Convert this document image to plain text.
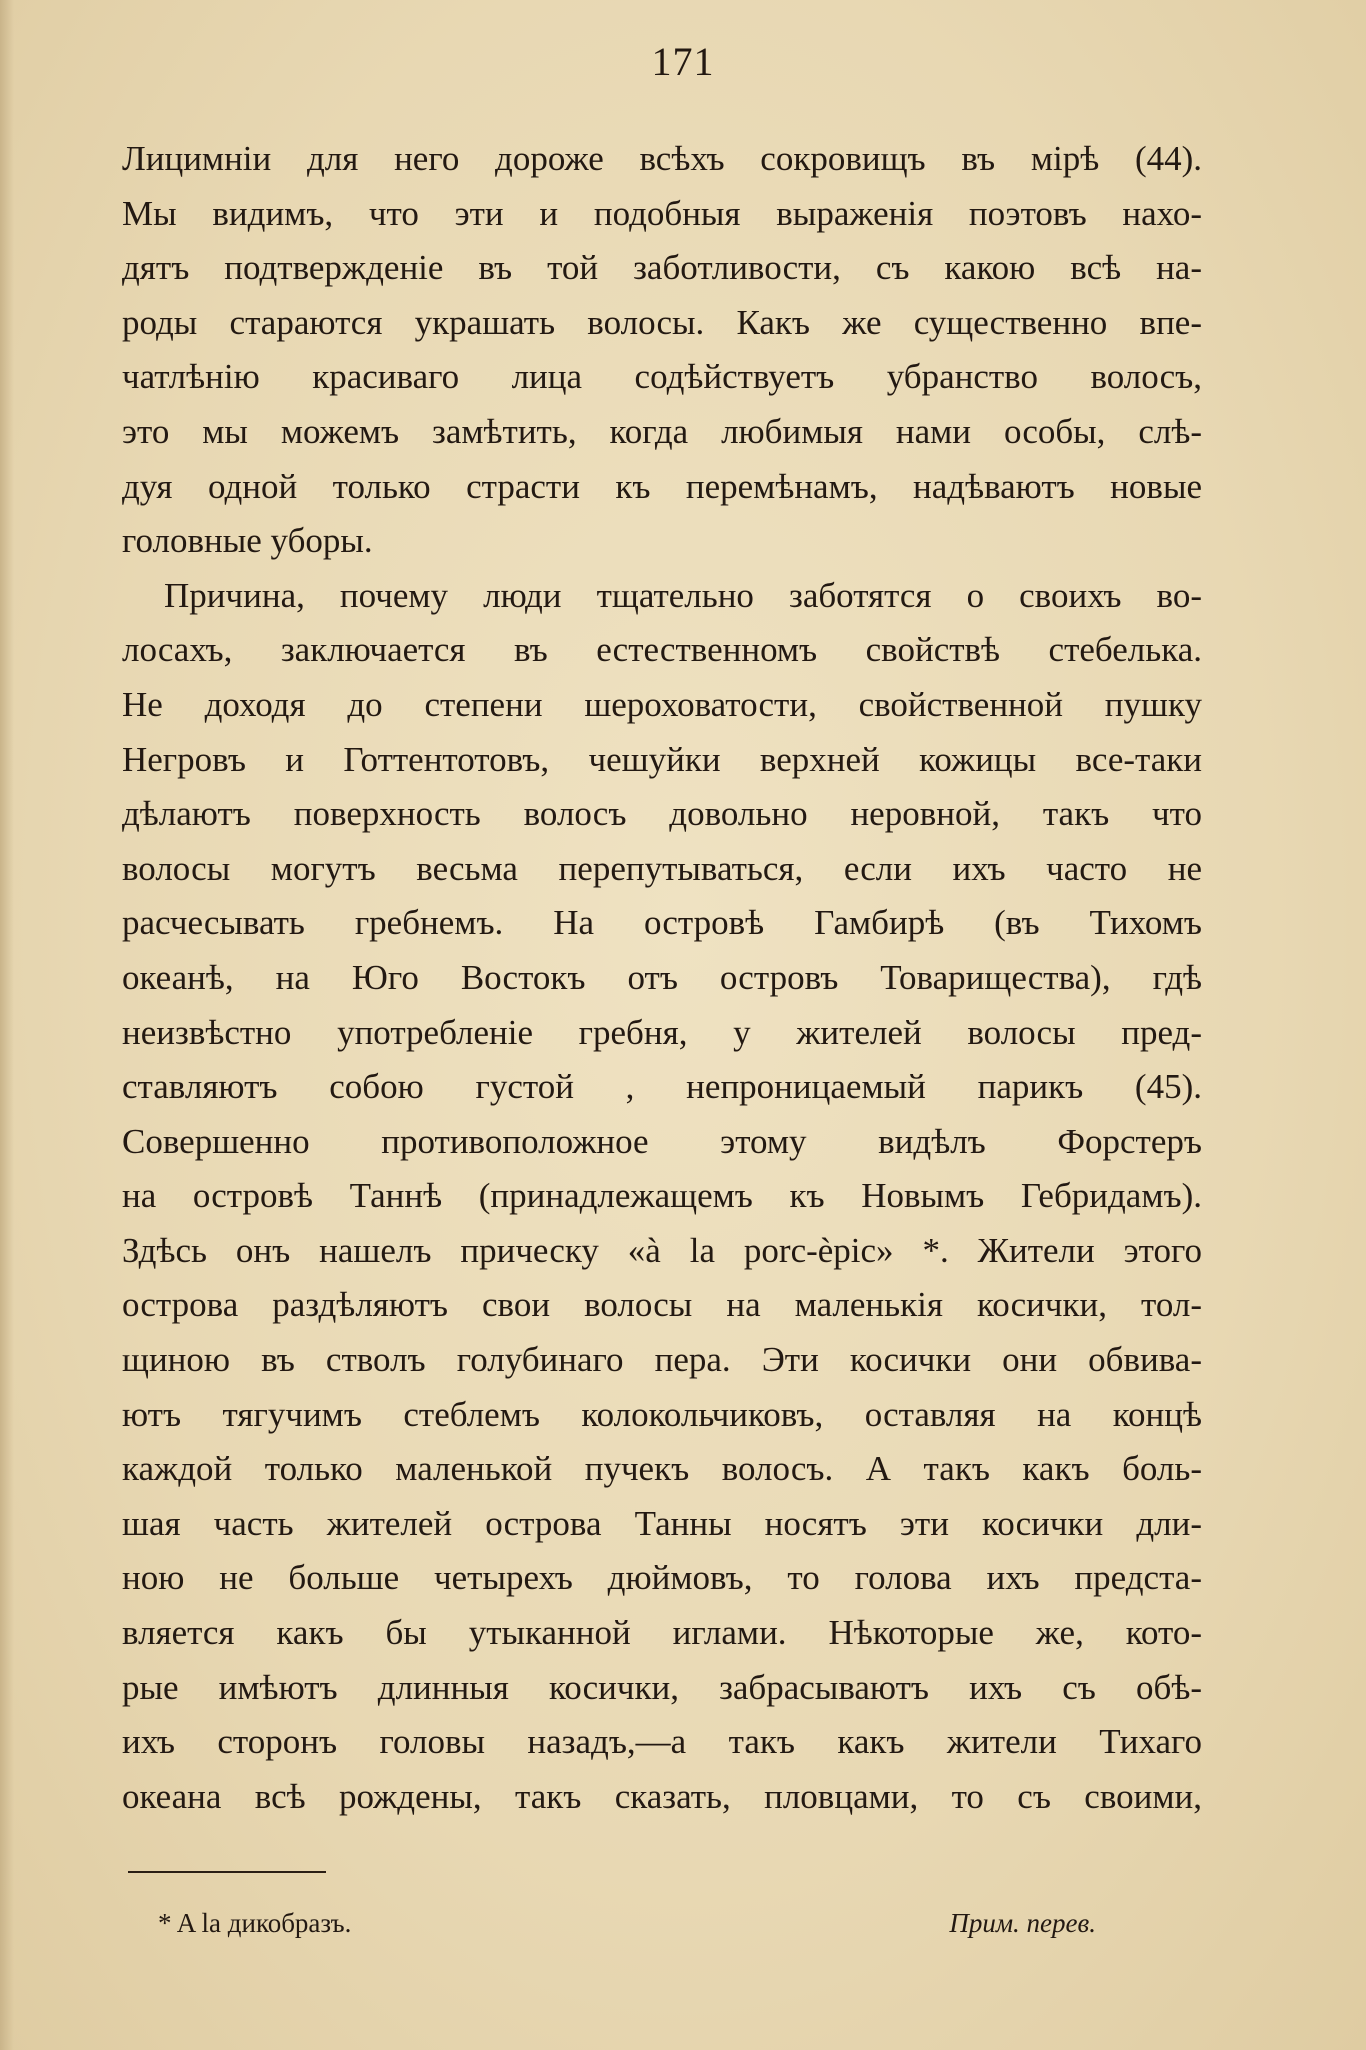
171
Лицимніи для него дороже всѣхъ сокровищъ въ мірѣ (44).
Мы видимъ, что эти и подобныя выраженія поэтовъ нахо-
дятъ подтвержденіе въ той заботливости, съ какою всѣ на-
роды стараются украшать волосы. Какъ же существенно впе-
чатлѣнію красиваго лица содѣйствуетъ убранство волосъ,
это мы можемъ замѣтить, когда любимыя нами особы, слѣ-
дуя одной только страсти къ перемѣнамъ, надѣваютъ новые
головные уборы.
Причина, почему люди тщательно заботятся о своихъ во-
лосахъ, заключается въ естественномъ свойствѣ стебелька.
Не доходя до степени шероховатости, свойственной пушку
Негровъ и Готтентотовъ, чешуйки верхней кожицы все-таки
дѣлаютъ поверхность волосъ довольно неровной, такъ что
волосы могутъ весьма перепутываться, если ихъ часто не
расчесывать гребнемъ. На островѣ Гамбирѣ (въ Тихомъ
океанѣ, на Юго Востокъ отъ островъ Товарищества), гдѣ
неизвѣстно употребленіе гребня, у жителей волосы пред-
ставляютъ собою густой , непроницаемый парикъ (45).
Совершенно противоположное этому видѣлъ Форстеръ
на островѣ Таннѣ (принадлежащемъ къ Новымъ Гебридамъ).
Здѣсь онъ нашелъ прическу «à la porc-èpic» *. Жители этого
острова раздѣляютъ свои волосы на маленькія косички, тол-
щиною въ стволъ голубинаго пера. Эти косички они обвива-
ютъ тягучимъ стеблемъ колокольчиковъ, оставляя на концѣ
каждой только маленькой пучекъ волосъ. А такъ какъ боль-
шая часть жителей острова Танны носятъ эти косички дли-
ною не больше четырехъ дюймовъ, то голова ихъ предста-
вляется какъ бы утыканной иглами. Нѣкоторые же, кото-
рые имѣютъ длинныя косички, забрасываютъ ихъ съ обѣ-
ихъ сторонъ головы назадъ,—а такъ какъ жители Тихаго
океана всѣ рождены, такъ сказать, пловцами, то съ своими,
* A la дикобразъ.	Прим. перев.
